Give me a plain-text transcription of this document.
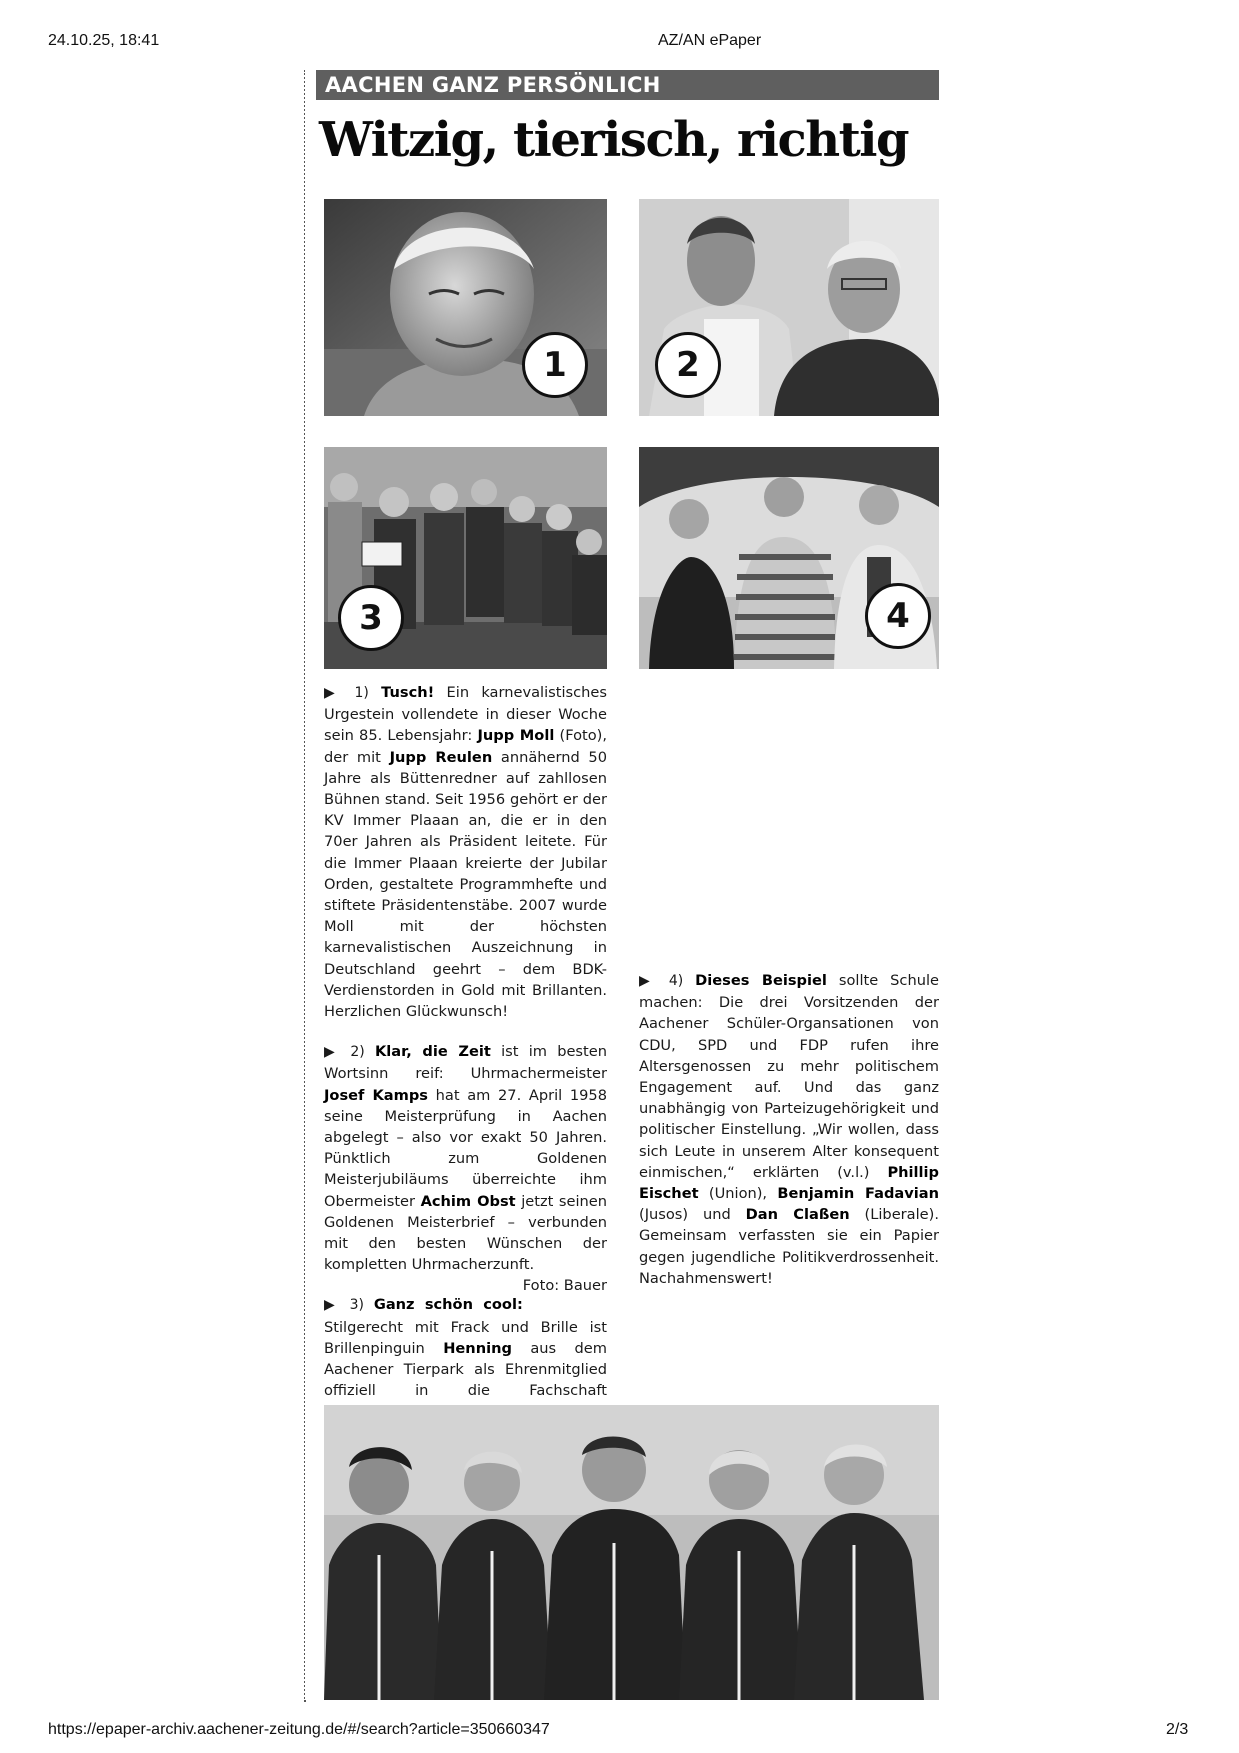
24.10.25, 18:41	AZ/AN ePaper
AACHEN GANZ PERSÖNLICH
Witzig, tierisch, richtig
1	2
3	4

▶ 1) Tusch! Ein karnevalistisches Urgestein vollendete in dieser Woche sein 85. Lebensjahr: Jupp Moll (Foto), der mit Jupp Reulen annähernd 50 Jahre als Büttenredner auf zahllosen Bühnen stand. Seit 1956 gehört er der KV Immer Plaaan an, die er in den 70er Jahren als Präsident leitete. Für die Immer Plaaan kreierte der Jubilar Orden, gestaltete Programmhefte und stiftete Präsidentenstäbe. 2007 wurde Moll mit der höchsten karnevalistischen Auszeichnung in Deutschland geehrt – dem BDK-Verdienstorden in Gold mit Brillanten. Herzlichen Glückwunsch!

▶ 2) Klar, die Zeit ist im besten Wortsinn reif: Uhrmachermeister Josef Kamps hat am 27. April 1958 seine Meisterprüfung in Aachen abgelegt – also vor exakt 50 Jahren. Pünktlich zum Goldenen Meisterjubiläums überreichte ihm Obermeister Achim Obst jetzt seinen Goldenen Meisterbrief – verbunden mit den besten Wünschen der kompletten Uhrmacherzunft.
Foto: Bauer

▶ 3) Ganz schön cool: Stilgerecht mit Frack und Brille ist Brillenpinguin Henning aus dem Aachener Tierpark als Ehrenmitglied offiziell in die Fachschaft

▶ 4) Dieses Beispiel sollte Schule machen: Die drei Vorsitzenden der Aachener Schüler-Organsationen von CDU, SPD und FDP rufen ihre Altersgenossen zu mehr politischem Engagement auf. Und das ganz unabhängig von Parteizugehörigkeit und politischer Einstellung. „Wir wollen, dass sich Leute in unserem Alter konsequent einmischen,“ erklärten (v.l.) Phillip Eischet (Union), Benjamin Fadavian (Jusos) und Dan Claßen (Liberale). Gemeinsam verfassten sie ein Papier gegen jugendliche Politikverdrossenheit. Nachahmenswert!

https://epaper-archiv.aachener-zeitung.de/#/search?article=350660347	2/3
